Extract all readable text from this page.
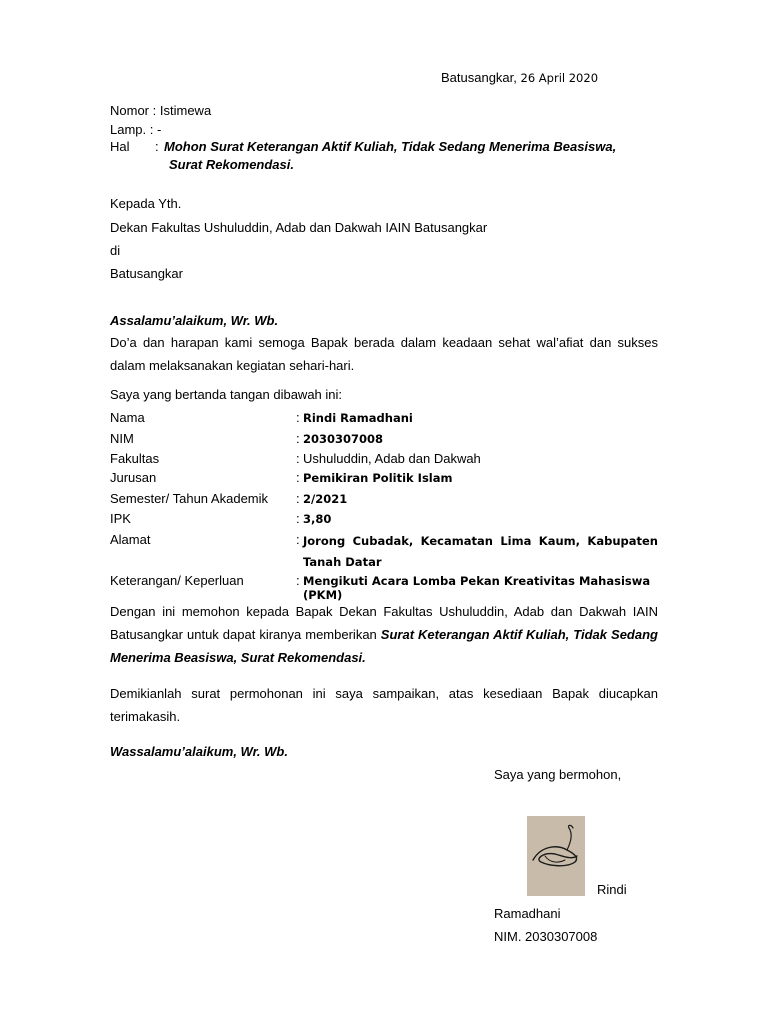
Batusangkar, 26 April 2020
Nomor : Istimewa
Lamp. : -
Hal : Mohon Surat Keterangan Aktif Kuliah, Tidak Sedang Menerima Beasiswa,
Surat Rekomendasi.
Kepada Yth.
Dekan Fakultas Ushuluddin, Adab dan Dakwah IAIN Batusangkar
di
Batusangkar
Assalamu’alaikum, Wr. Wb.
Do’a dan harapan kami semoga Bapak berada dalam keadaan sehat wal’afiat dan sukses dalam melaksanakan kegiatan sehari-hari.
Saya yang bertanda tangan dibawah ini:
Nama	: Rindi Ramadhani
NIM	: 2030307008
Fakultas	: Ushuluddin, Adab dan Dakwah
Jurusan	: Pemikiran Politik Islam
Semester/ Tahun Akademik : 2/2021
IPK	: 3,80
Alamat	: Jorong Cubadak, Kecamatan Lima Kaum, Kabupaten Tanah Datar
Keterangan/ Keperluan	: Mengikuti Acara Lomba Pekan Kreativitas Mahasiswa (PKM)
Dengan ini memohon kepada Bapak Dekan Fakultas Ushuluddin, Adab dan Dakwah IAIN Batusangkar untuk dapat kiranya memberikan Surat Keterangan Aktif Kuliah, Tidak Sedang Menerima Beasiswa, Surat Rekomendasi.
Demikianlah surat permohonan ini saya sampaikan, atas kesediaan Bapak diucapkan terimakasih.
Wassalamu’alaikum, Wr. Wb.
Saya yang bermohon,
Rindi
Ramadhani
NIM. 2030307008
